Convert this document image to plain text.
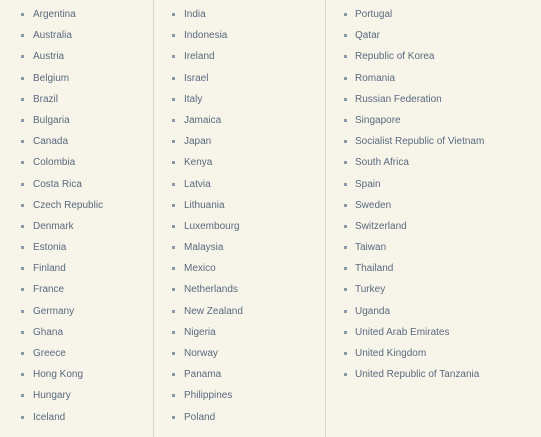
Argentina
Australia
Austria
Belgium
Brazil
Bulgaria
Canada
Colombia
Costa Rica
Czech Republic
Denmark
Estonia
Finland
France
Germany
Ghana
Greece
Hong Kong
Hungary
Iceland
India
Indonesia
Ireland
Israel
Italy
Jamaica
Japan
Kenya
Latvia
Lithuania
Luxembourg
Malaysia
Mexico
Netherlands
New Zealand
Nigeria
Norway
Panama
Philippines
Poland
Portugal
Qatar
Republic of Korea
Romania
Russian Federation
Singapore
Socialist Republic of Vietnam
South Africa
Spain
Sweden
Switzerland
Taiwan
Thailand
Turkey
Uganda
United Arab Emirates
United Kingdom
United Republic of Tanzania
